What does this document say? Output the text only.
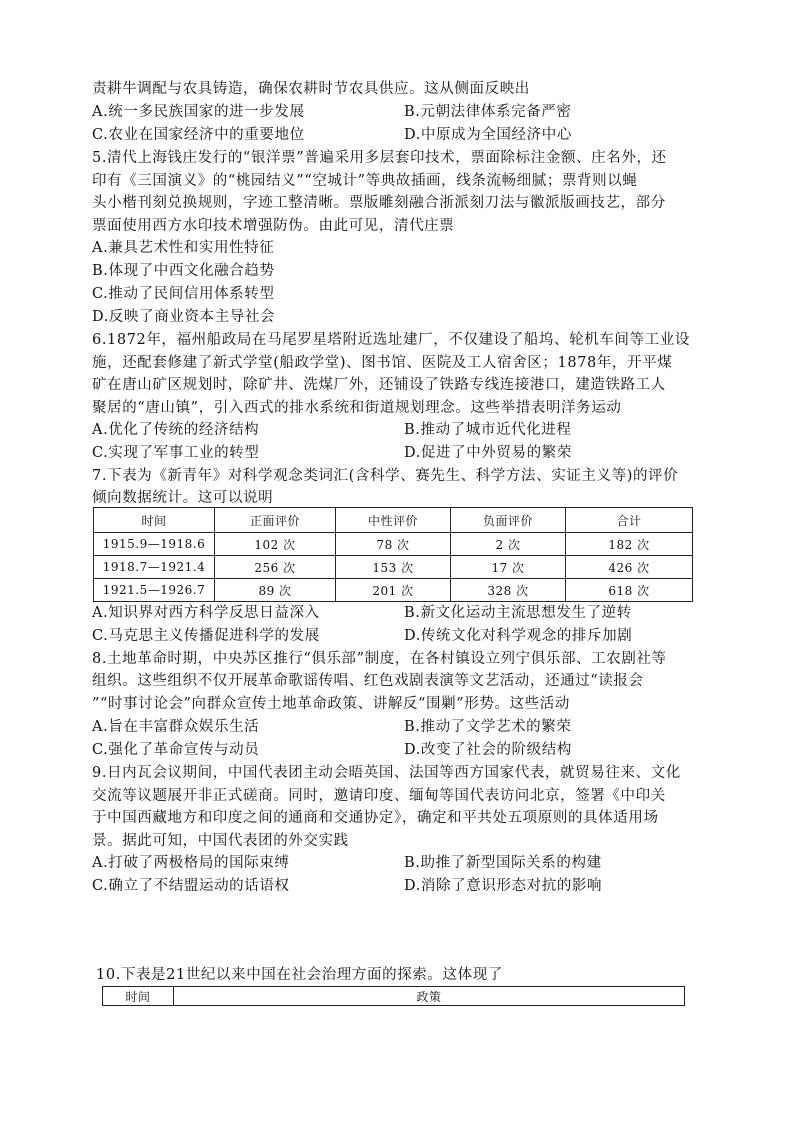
责耕牛调配与农具铸造，确保农耕时节农具供应。这从侧面反映出
A.统一多民族国家的进一步发展	B.元朝法律体系完备严密
C.农业在国家经济中的重要地位	D.中原成为全国经济中心
5.清代上海钱庄发行的“银洋票”普遍采用多层套印技术，票面除标注金额、庄名外，还
印有《三国演义》的“桃园结义”“空城计”等典故插画，线条流畅细腻；票背则以蝇
头小楷刊刻兑换规则，字迹工整清晰。票版雕刻融合浙派刻刀法与徽派版画技艺，部分
票面使用西方水印技术增强防伪。由此可见，清代庄票
A.兼具艺术性和实用性特征
B.体现了中西文化融合趋势
C.推动了民间信用体系转型
D.反映了商业资本主导社会
6.1872年，福州船政局在马尾罗星塔附近选址建厂，不仅建设了船坞、轮机车间等工业设
施，还配套修建了新式学堂(船政学堂)、图书馆、医院及工人宿舍区；1878年，开平煤
矿在唐山矿区规划时，除矿井、洗煤厂外，还铺设了铁路专线连接港口，建造铁路工人
聚居的“唐山镇”，引入西式的排水系统和街道规划理念。这些举措表明洋务运动
A.优化了传统的经济结构	B.推动了城市近代化进程
C.实现了军事工业的转型	D.促进了中外贸易的繁荣
7.下表为《新青年》对科学观念类词汇(含科学、赛先生、科学方法、实证主义等)的评价
倾向数据统计。这可以说明
时间	正面评价	中性评价	负面评价	合计
1915.9—1918.6	102 次	78 次	2 次	182 次
1918.7—1921.4	256 次	153 次	17 次	426 次
1921.5—1926.7	89 次	201 次	328 次	618 次
A.知识界对西方科学反思日益深入	B.新文化运动主流思想发生了逆转
C.马克思主义传播促进科学的发展	D.传统文化对科学观念的排斥加剧
8.土地革命时期，中央苏区推行“俱乐部”制度，在各村镇设立列宁俱乐部、工农剧社等
组织。这些组织不仅开展革命歌谣传唱、红色戏剧表演等文艺活动，还通过“读报会
”“时事讨论会”向群众宣传土地革命政策、讲解反“围剿”形势。这些活动
A.旨在丰富群众娱乐生活	B.推动了文学艺术的繁荣
C.强化了革命宣传与动员	D.改变了社会的阶级结构
9.日内瓦会议期间，中国代表团主动会晤英国、法国等西方国家代表，就贸易往来、文化
交流等议题展开非正式磋商。同时，邀请印度、缅甸等国代表访问北京，签署《中印关
于中国西藏地方和印度之间的通商和交通协定》，确定和平共处五项原则的具体适用场
景。据此可知，中国代表团的外交实践
A.打破了两极格局的国际束缚	B.助推了新型国际关系的构建
C.确立了不结盟运动的话语权	D.消除了意识形态对抗的影响
10.下表是21世纪以来中国在社会治理方面的探索。这体现了
时间	政策
